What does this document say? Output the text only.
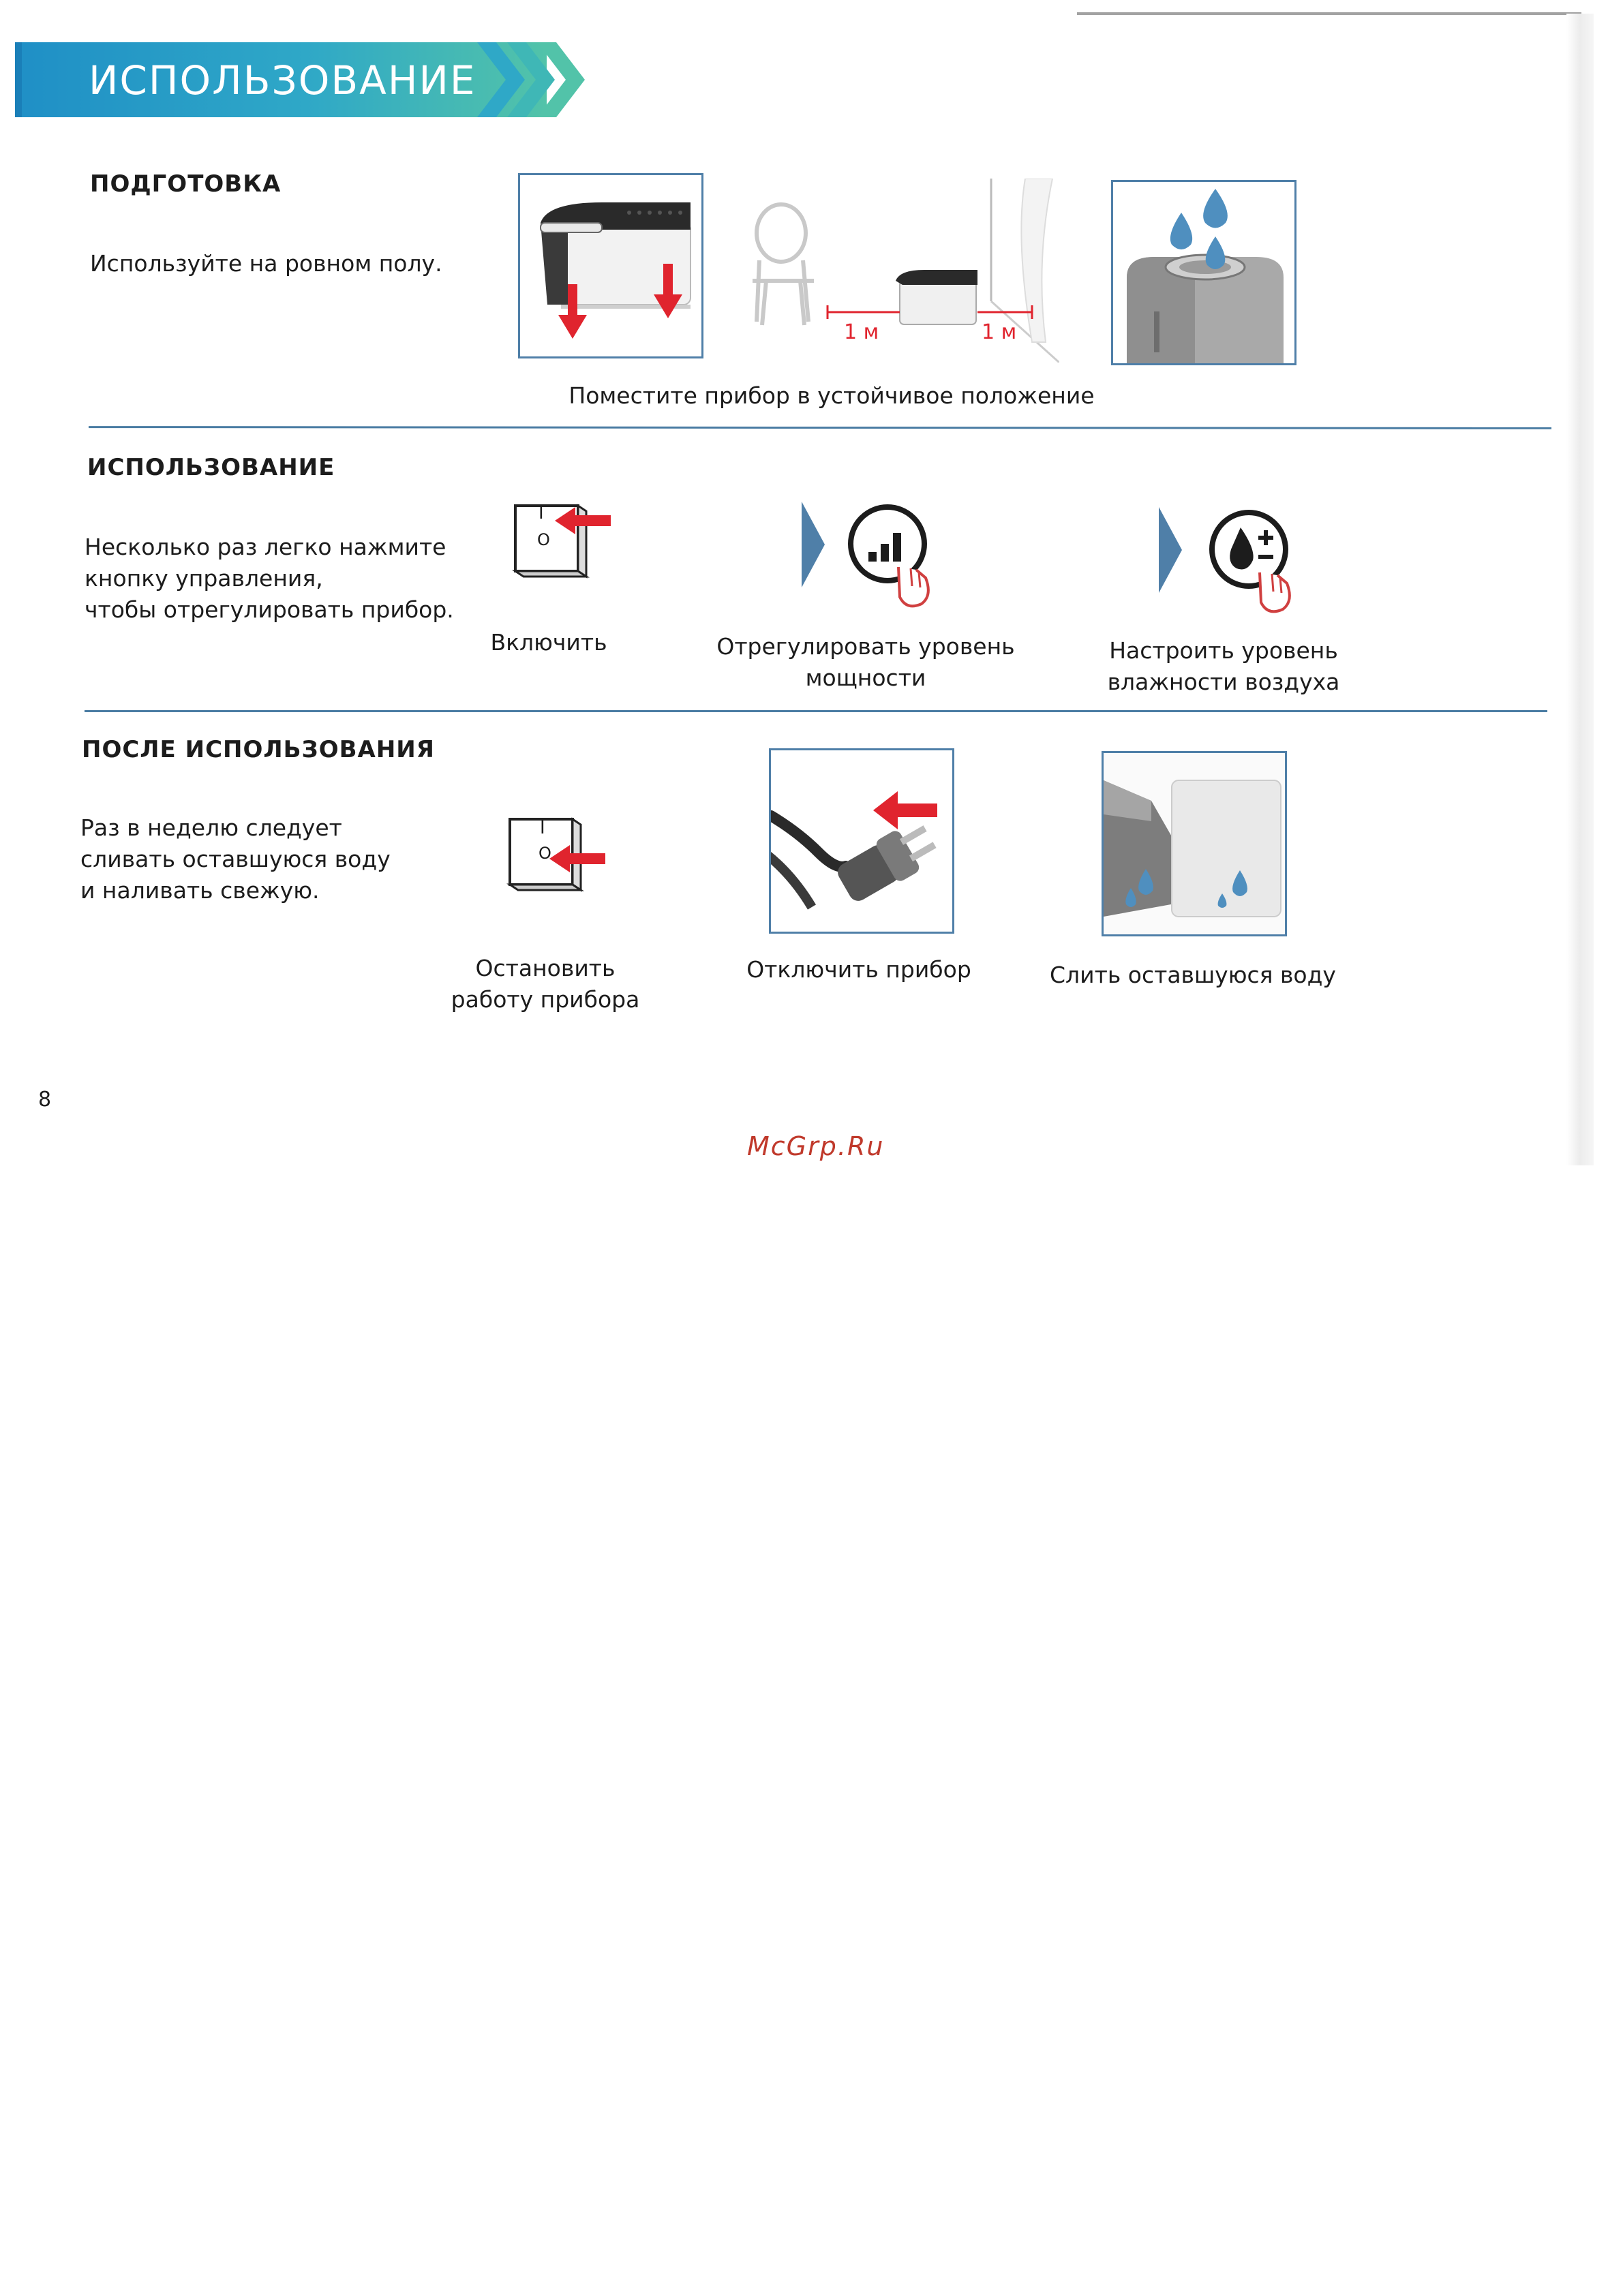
ИСПОЛЬЗОВАНИЕ
ПОДГОТОВКА
Используйте на ровном полу.
1 м	1 м
Поместите прибор в устойчивое положение
ИСПОЛЬЗОВАНИЕ
Несколько раз легко нажмите
кнопку управления,
чтобы отрегулировать прибор.
I
O
Включить	Отрегулировать уровень мощности
Настроить уровень
влажности воздуха
ПОСЛЕ ИСПОЛЬЗОВАНИЯ
Раз в неделю следует
сливать оставшуюся воду
и наливать свежую.
I
O
Остановить
работу прибора
Отключить прибор	Слить оставшуюся воду
8
McGrp.Ru
